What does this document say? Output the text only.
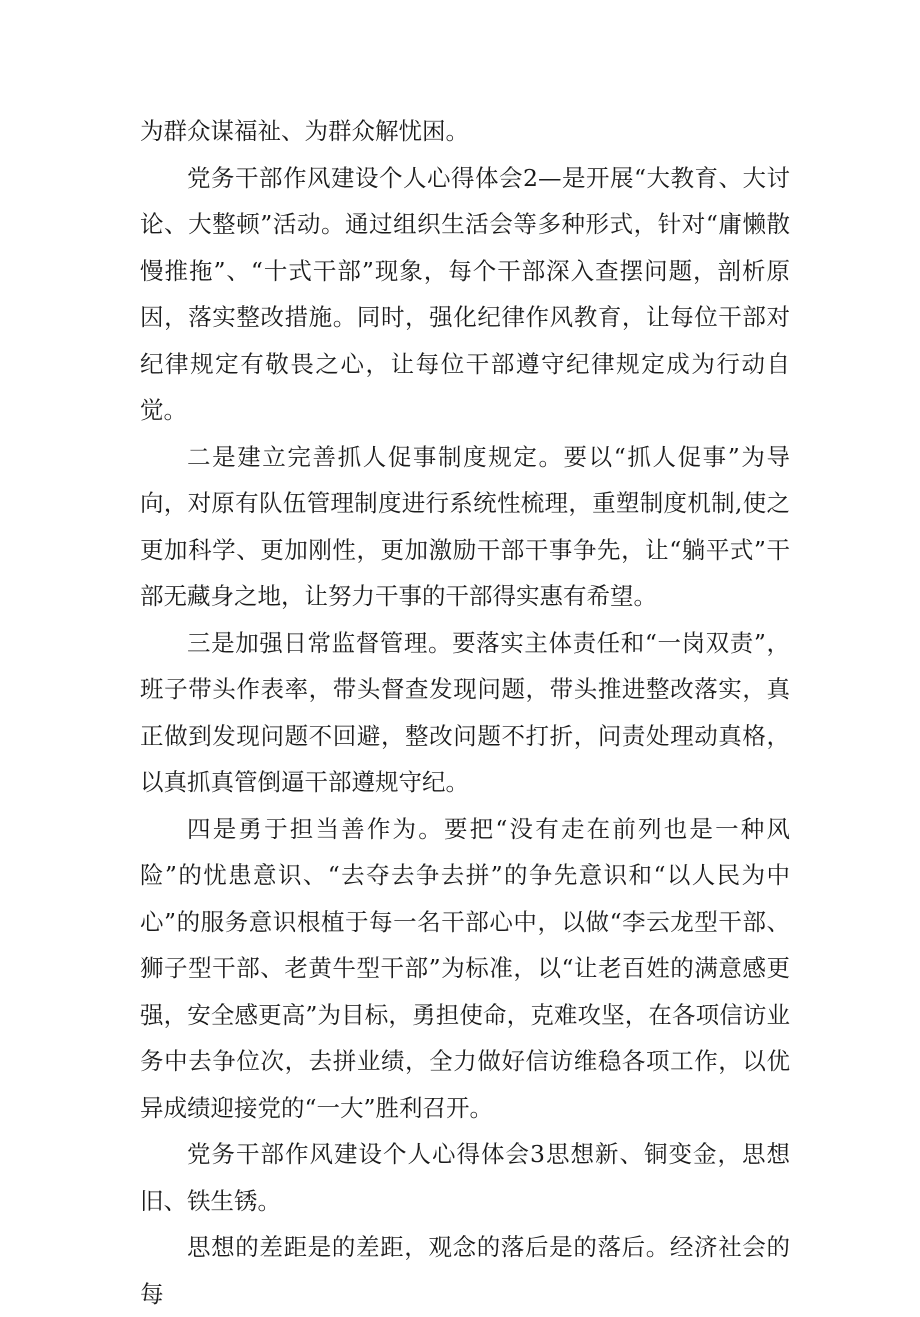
为群众谋福祉、为群众解忧困。

党务干部作风建设个人心得体会2—是开展“大教育、大讨论、大整顿”活动。通过组织生活会等多种形式，针对“庸懒散慢推拖”、“十式干部”现象，每个干部深入查摆问题，剖析原因，落实整改措施。同时，强化纪律作风教育，让每位干部对纪律规定有敬畏之心，让每位干部遵守纪律规定成为行动自觉。

二是建立完善抓人促事制度规定。要以“抓人促事”为导向，对原有队伍管理制度进行系统性梳理，重塑制度机制,使之更加科学、更加刚性，更加激励干部干事争先，让“躺平式”干部无藏身之地，让努力干事的干部得实惠有希望。

三是加强日常监督管理。要落实主体责任和“一岗双责”，班子带头作表率，带头督查发现问题，带头推进整改落实，真正做到发现问题不回避，整改问题不打折，问责处理动真格，以真抓真管倒逼干部遵规守纪。

四是勇于担当善作为。要把“没有走在前列也是一种风险”的忧患意识、“去夺去争去拼”的争先意识和“以人民为中心”的服务意识根植于每一名干部心中，以做“李云龙型干部、狮子型干部、老黄牛型干部”为标准，以“让老百姓的满意感更强，安全感更高”为目标，勇担使命，克难攻坚，在各项信访业务中去争位次，去拼业绩，全力做好信访维稳各项工作，以优异成绩迎接党的“一大”胜利召开。

党务干部作风建设个人心得体会3思想新、铜变金，思想旧、铁生锈。

思想的差距是的差距，观念的落后是的落后。经济社会的每
